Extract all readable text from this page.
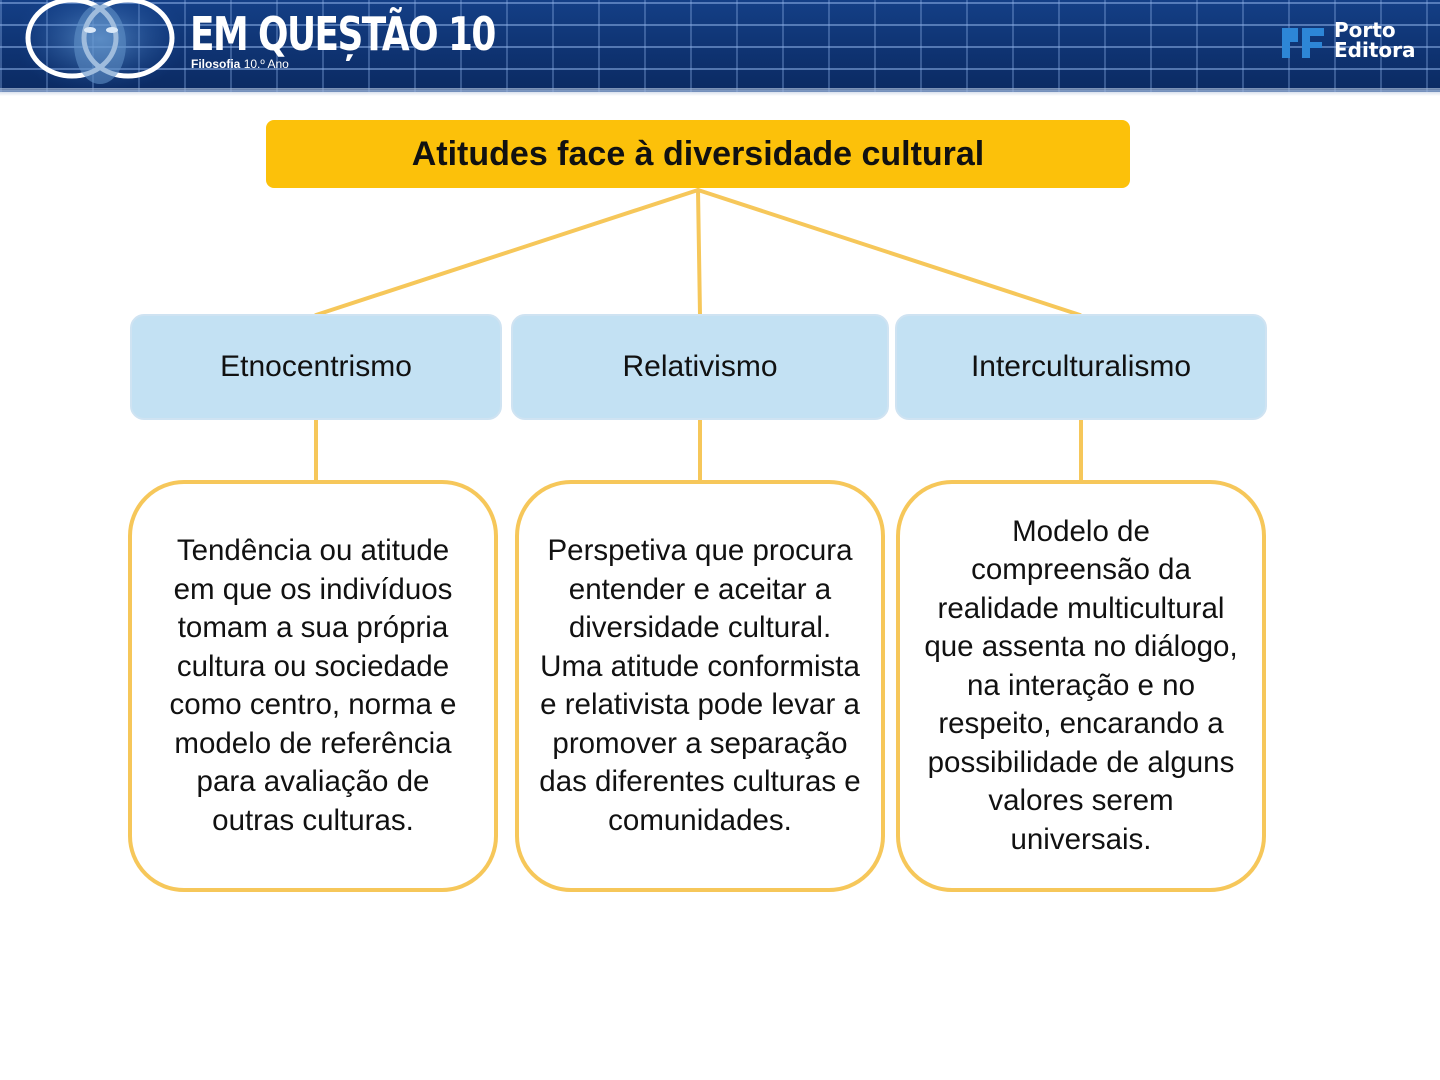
EM QUEȘTÃO 10
Filosofia 10.º Ano
Porto
Editora
Atitudes face à diversidade cultural
Etnocentrismo	Relativismo	Interculturalismo
Tendência ou atitude em que os indivíduos tomam a sua própria cultura ou sociedade como centro, norma e modelo de referência para avaliação de outras culturas.
Perspetiva que procura entender e aceitar a diversidade cultural. Uma atitude conformista e relativista pode levar a promover a separação das diferentes culturas e comunidades.
Modelo de compreensão da realidade multicultural que assenta no diálogo, na interação e no respeito, encarando a possibilidade de alguns valores serem universais.
